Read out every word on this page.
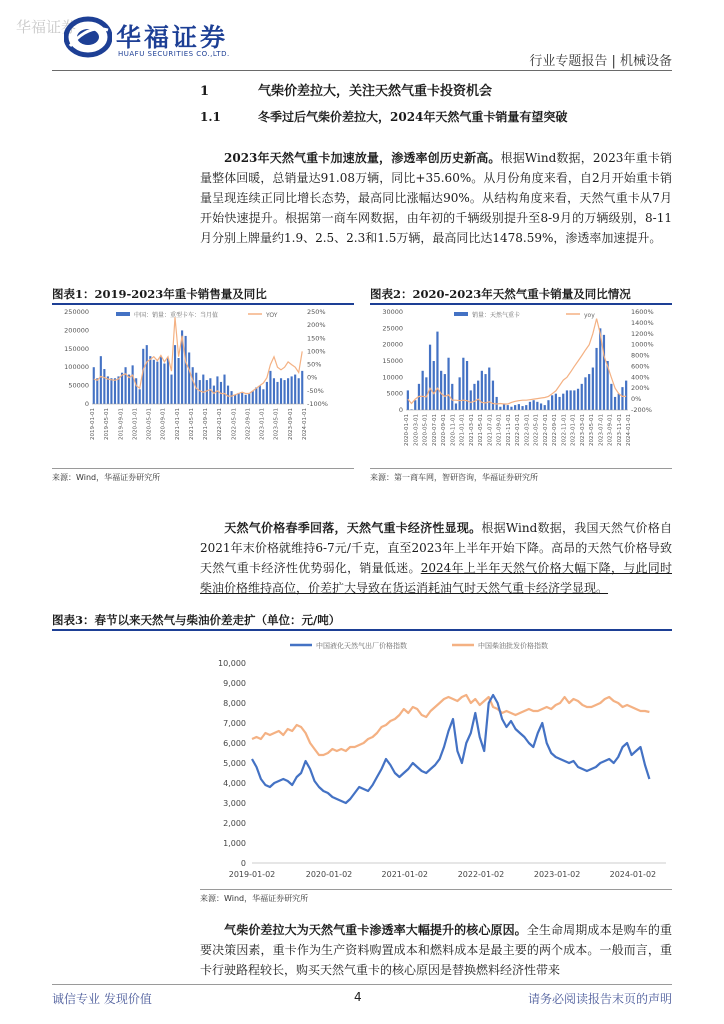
华福证券 华福证券
HUAFU SECURITIES CO.,LTD.	行业专题报告 | 机械设备
1	气柴价差拉大，关注天然气重卡投资机会
1.1	冬季过后气柴价差拉大，2024年天然气重卡销量有望突破
2023年天然气重卡加速放量，渗透率创历史新高。根据Wind数据，2023年重卡销量整体回暖，总销量达91.08万辆，同比+35.60%。从月份角度来看，自2月开始重卡销量呈现连续正同比增长态势，最高同比涨幅达90%。从结构角度来看，天然气重卡从7月开始快速提升。根据第一商车网数据，由年初的千辆级别提升至8-9月的万辆级别，8-11月分别上牌量约1.9、2.5、2.3和1.5万辆，最高同比达1478.59%，渗透率加速提升。
图表1：2019-2023年重卡销售量及同比
中国：销量：重型卡车：当月值	YOY
250000
200000
150000
100000
50000
0
250%
200%
150%
100%
50%
0%
-50%
-100%
2019-01-01 2019-05-01 2019-09-01 2020-01-01 2020-05-01 2020-09-01 2021-01-01 2021-05-01 2021-09-01 2022-01-01 2022-05-01 2022-09-01 2023-01-01 2023-05-01 2023-09-01 2024-01-01
来源：Wind，华福证券研究所
图表2：2020-2023年天然气重卡销量及同比情况
销量：天然气重卡	yoy
30000
25000
20000
15000
10000
5000
0
1600%
1400%
1200%
1000%
800%
600%
400%
200%
0%
-200%
2020-01-01 2020-03-01 2020-05-01 2020-07-01 2020-09-01 2020-11-01 2021-01-01 2021-03-01 2021-05-01 2021-07-01 2021-09-01 2021-11-01 2022-01-01 2022-03-01 2022-05-01 2022-07-01 2022-09-01 2022-11-01 2023-01-01 2023-03-01 2023-05-01 2023-07-01 2023-09-01 2023-11-01 2024-01-01
来源：第一商车网，智研咨询，华福证券研究所
天然气价格春季回落，天然气重卡经济性显现。根据Wind数据，我国天然气价格自2021年末价格就维持6-7元/千克，直至2023年上半年开始下降。高昂的天然气价格导致天然气重卡经济性优势弱化，销量低迷。2024年上半年天然气价格大幅下降，与此同时柴油价格维持高位，价差扩大导致在货运消耗油气时天然气重卡经济学显现。
图表3：春节以来天然气与柴油价差走扩（单位：元/吨）
中国液化天然气出厂价格指数	中国柴油批发价格指数
10,000
9,000
8,000
7,000
6,000
5,000
4,000
3,000
2,000
1,000
0
2019-01-02	2020-01-02	2021-01-02	2022-01-02	2023-01-02	2024-01-02
来源：Wind，华福证券研究所
气柴价差拉大为天然气重卡渗透率大幅提升的核心原因。全生命周期成本是购车的重要决策因素，重卡作为生产资料购置成本和燃料成本是最主要的两个成本。一般而言，重卡行驶路程较长，购买天然气重卡的核心原因是替换燃料经济性带来
诚信专业 发现价值	4	请务必阅读报告末页的声明
